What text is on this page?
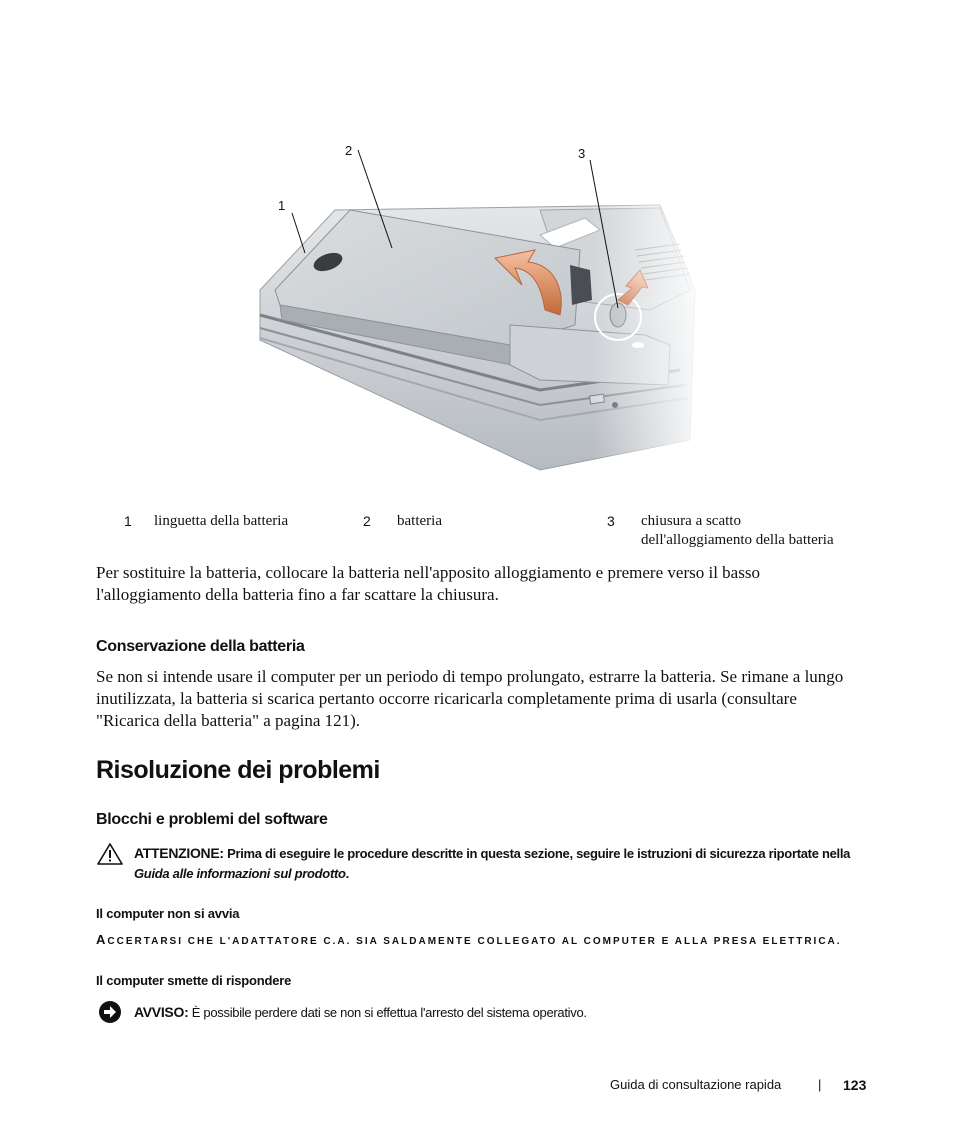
2	3
1
1 linguetta della batteria	2 batteria	3 chiusura a scatto
dell'alloggiamento della batteria

Per sostituire la batteria, collocare la batteria nell'apposito alloggiamento e premere verso il basso l'alloggiamento della batteria fino a far scattare la chiusura.

Conservazione della batteria

Se non si intende usare il computer per un periodo di tempo prolungato, estrarre la batteria. Se rimane a lungo inutilizzata, la batteria si scarica pertanto occorre ricaricarla completamente prima di usarla (consultare "Ricarica della batteria" a pagina 121).

Risoluzione dei problemi
Blocchi e problemi del software
ATTENZIONE: Prima di eseguire le procedure descritte in questa sezione, seguire le istruzioni di sicurezza riportate nella Guida alle informazioni sul prodotto.
Il computer non si avvia
ACCERTARSI CHE L'ADATTATORE C.A. SIA SALDAMENTE COLLEGATO AL COMPUTER E ALLA PRESA ELETTRICA.
Il computer smette di rispondere
AVVISO: È possibile perdere dati se non si effettua l'arresto del sistema operativo.
Guida di consultazione rapida	| 123
